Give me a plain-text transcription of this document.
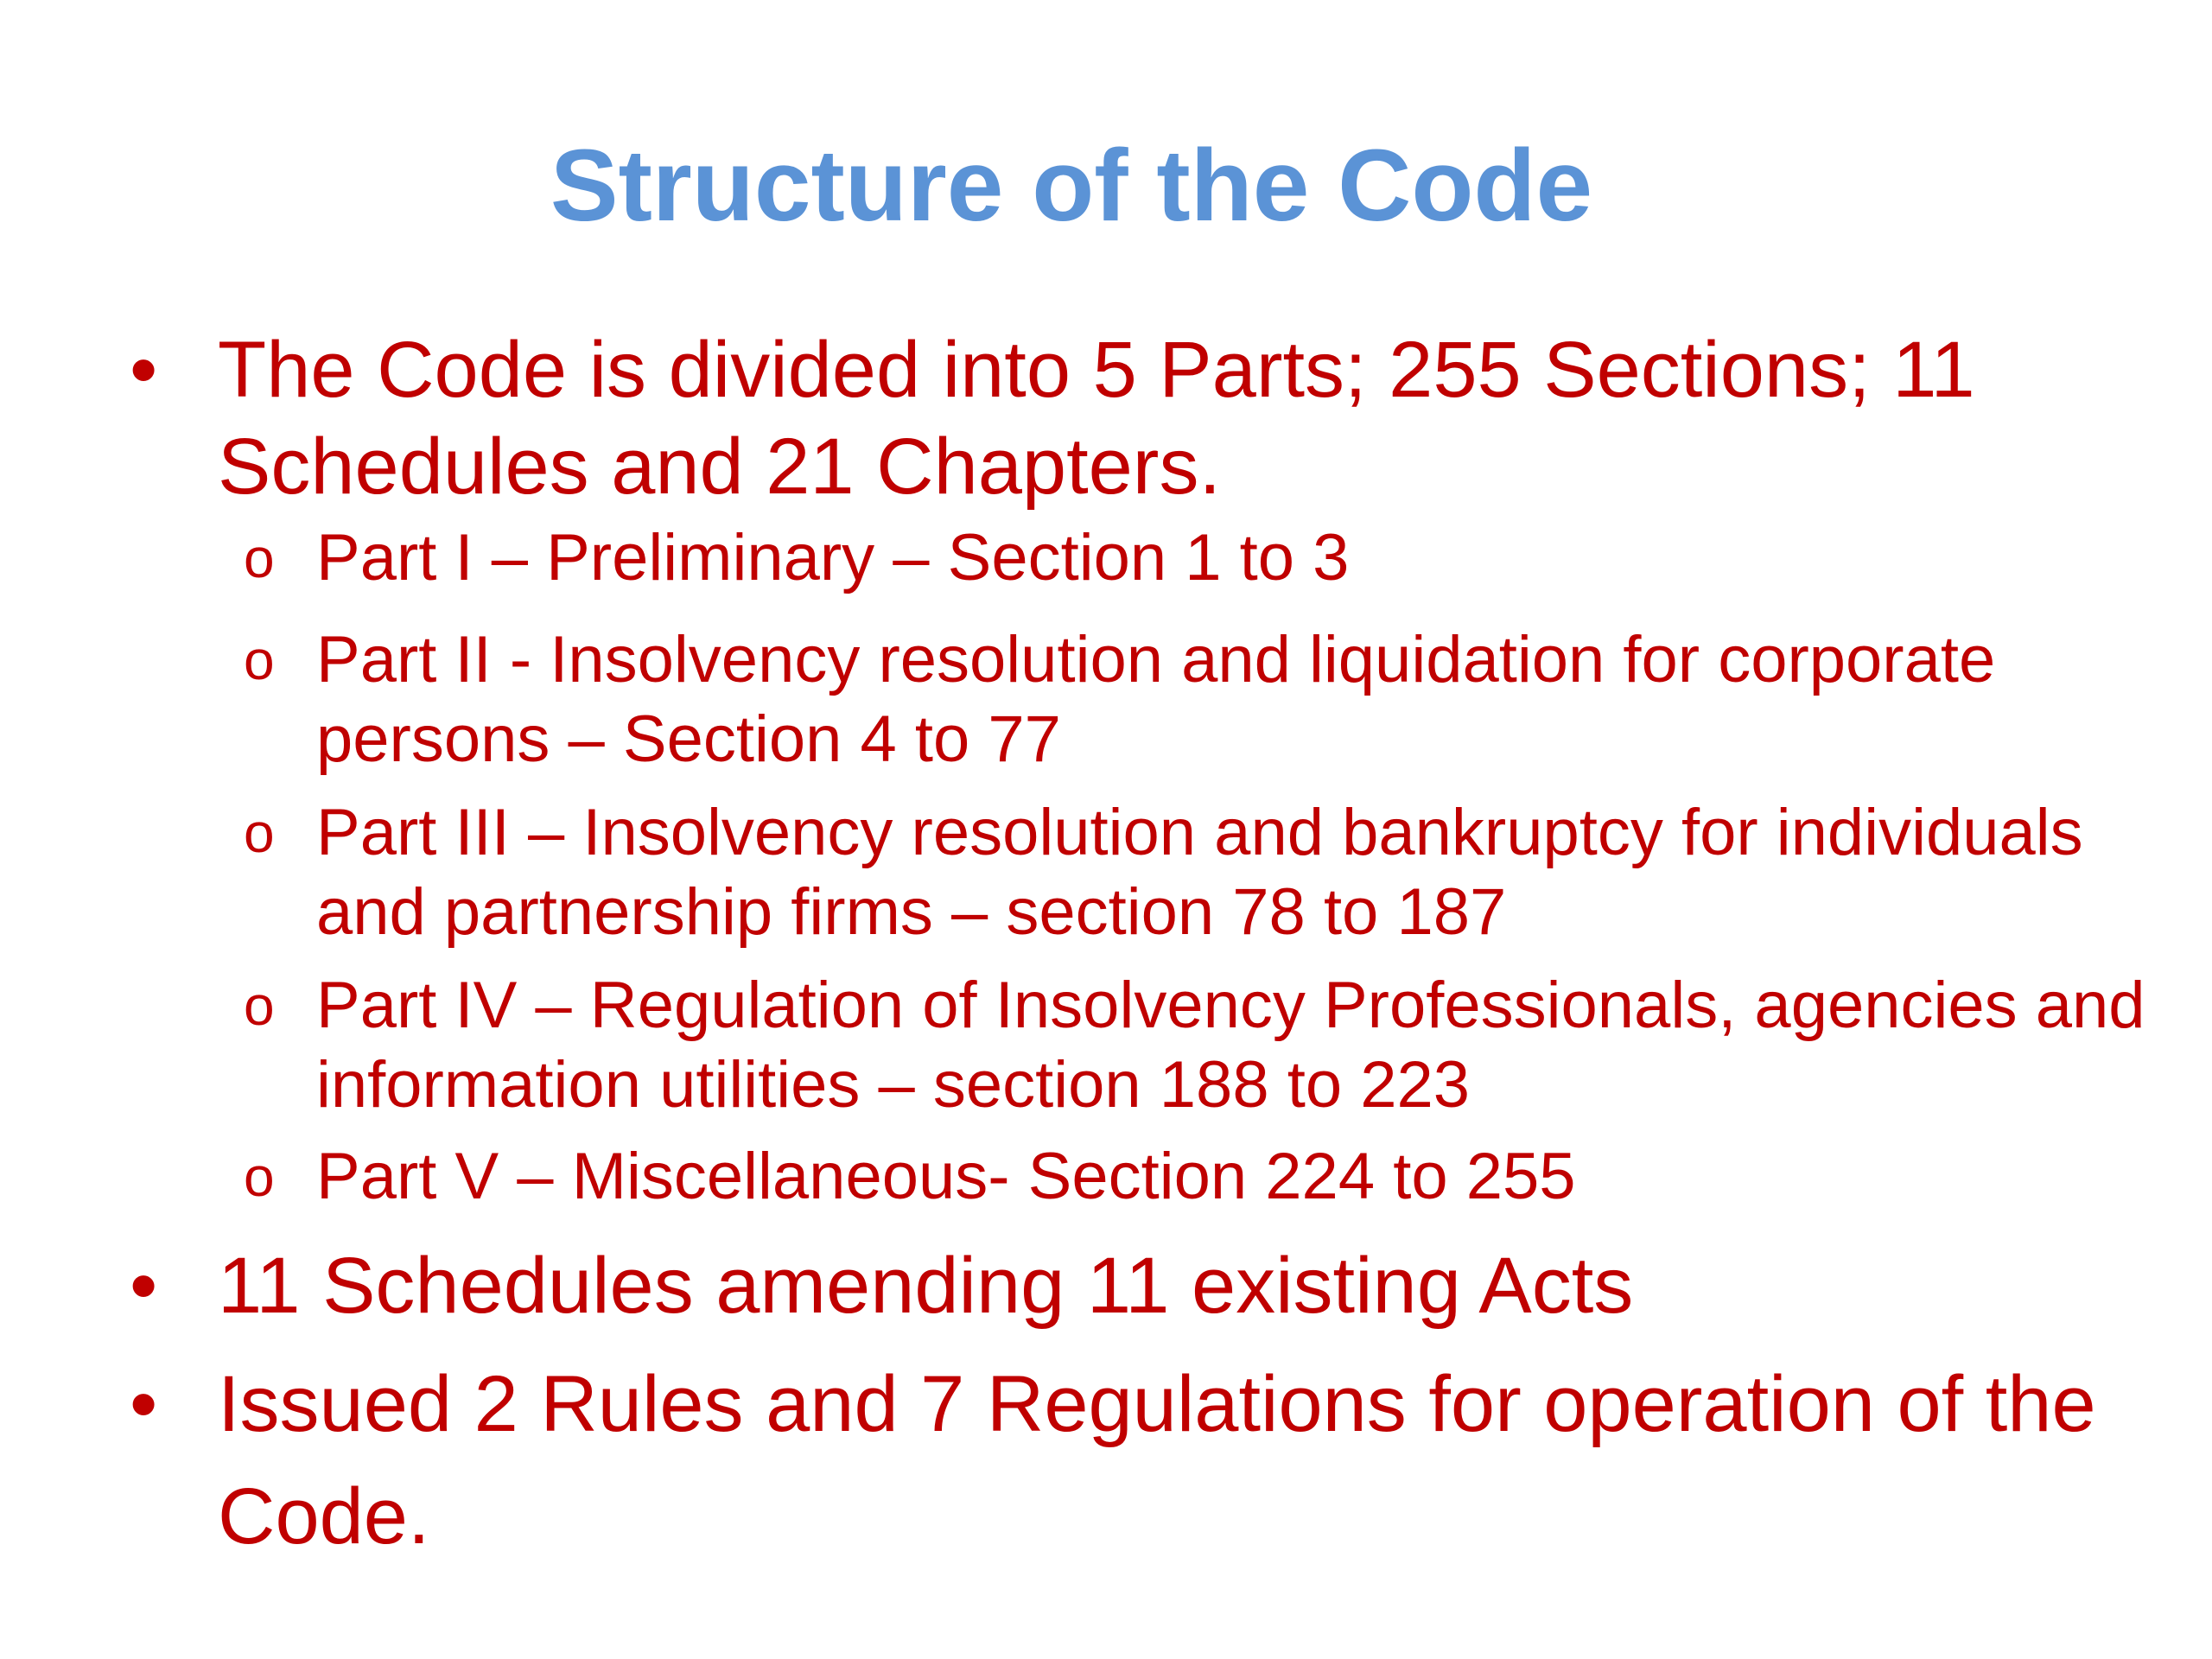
Structure of the Code
• The Code is divided into 5 Parts; 255 Sections; 11 Schedules and 21 Chapters.
o Part I – Preliminary – Section 1 to 3
o Part II - Insolvency resolution and liquidation for corporate persons – Section 4 to 77
o Part III – Insolvency resolution and bankruptcy for individuals and partnership firms – section 78 to 187
o Part IV – Regulation of Insolvency Professionals, agencies and information utilities – section 188 to 223
o Part V – Miscellaneous- Section 224 to 255
• 11 Schedules amending 11 existing Acts
• Issued 2 Rules and 7 Regulations for operation of the Code.
